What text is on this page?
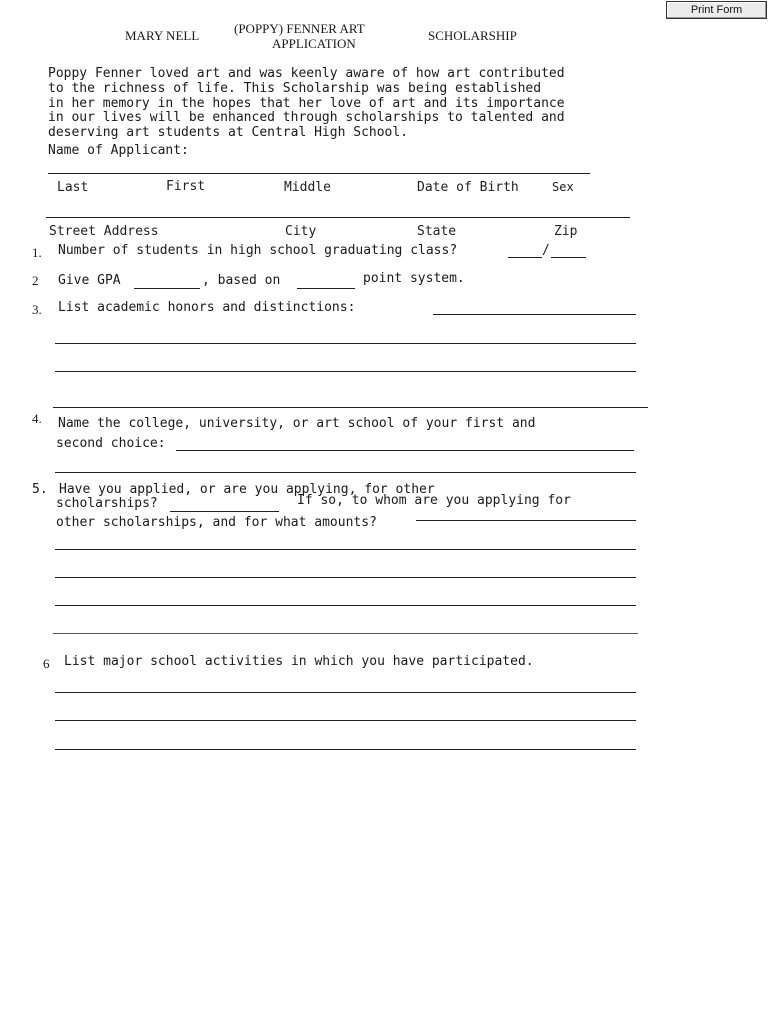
Print Form
MARY NELL	(POPPY) FENNER ART
APPLICATION
SCHOLARSHIP
Poppy Fenner loved art and was keenly aware of how art contributed
to the richness of life. This Scholarship was being established
in her memory in the hopes that her love of art and its importance
in our lives will be enhanced through scholarships to talented and
deserving art students at Central High School.
Name of Applicant:
Last	First	Middle	Date of Birth	Sex
Street Address	City	State	Zip
1. Number of students in high school graduating class?	/
2 Give GPA	, based on	point system.
3. List academic honors and distinctions:
4. Name the college, university, or art school of your first and
second choice:
5. Have you applied, or are you applying, for other
scholarships?	If so, to whom are you applying for
other scholarships, and for what amounts?
6 List major school activities in which you have participated.
